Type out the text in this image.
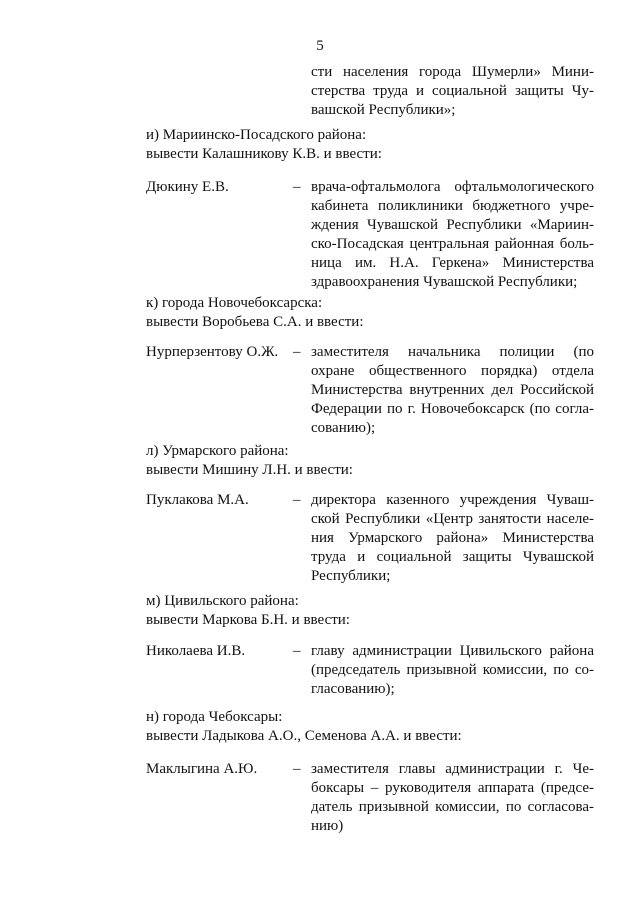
5
сти населения города Шумерли» Мини-
стерства труда и социальной защиты Чу-
вашской Республики»;
и) Мариинско-Посадского района:
вывести Калашникову К.В. и ввести:
Дюкину Е.В.	– врача-офтальмолога офтальмологического
кабинета поликлиники бюджетного учре-
ждения Чувашской Республики «Мариин-
ско-Посадская центральная районная боль-
ница им. Н.А. Геркена» Министерства
здравоохранения Чувашской Республики;
к) города Новочебоксарска:
вывести Воробьева С.А. и ввести:
Нурперзентову О.Ж. – заместителя начальника полиции (по
охране общественного порядка) отдела
Министерства внутренних дел Российской
Федерации по г. Новочебоксарск (по согла-
сованию);
л) Урмарского района:
вывести Мишину Л.Н. и ввести:
Пуклакова М.А.	– директора казенного учреждения Чуваш-
ской Республики «Центр занятости населе-
ния Урмарского района» Министерства
труда и социальной защиты Чувашской
Республики;
м) Цивильского района:
вывести Маркова Б.Н. и ввести:
Николаева И.В.	– главу администрации Цивильского района
(председатель призывной комиссии, по со-
гласованию);
н) города Чебоксары:
вывести Ладыкова А.О., Семенова А.А. и ввести:
Маклыгина А.Ю. – заместителя главы администрации г. Че-
боксары – руководителя аппарата (предсе-
датель призывной комиссии, по согласова-
нию)
